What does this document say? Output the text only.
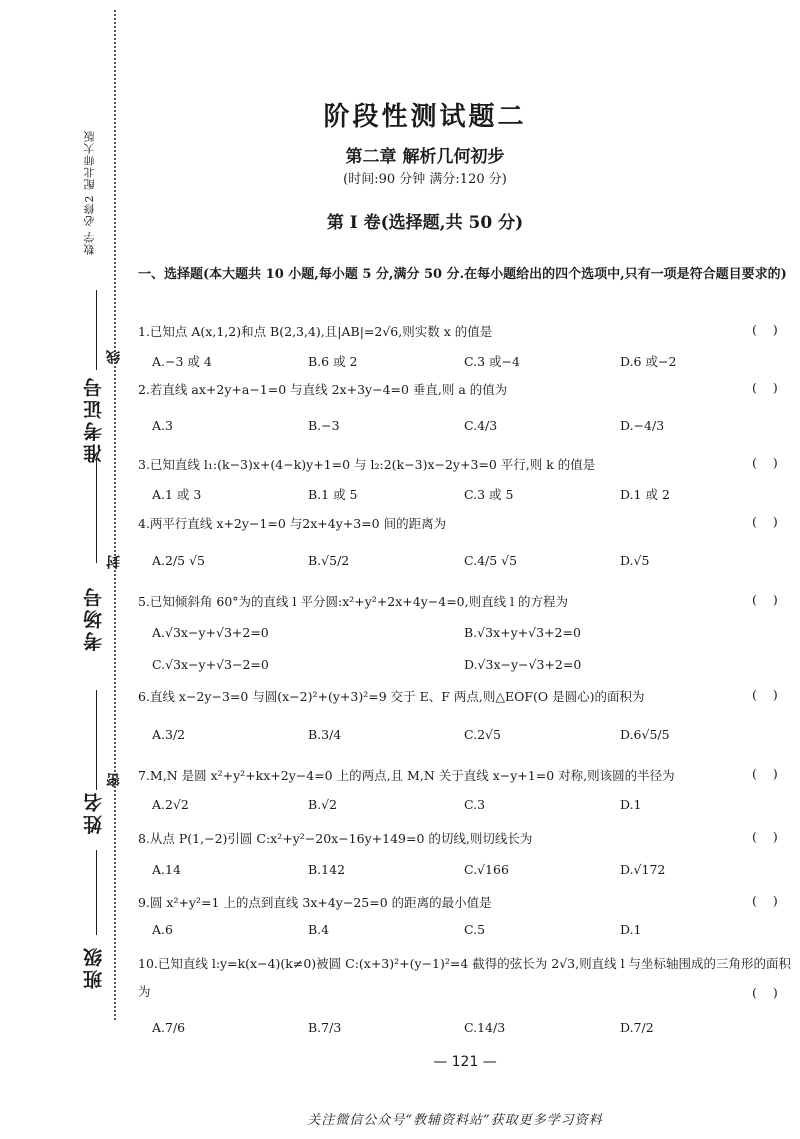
数学 必修2 配北师大版
准考证号
考场号
姓名
班级
线
封
密
阶段性测试题二
第二章 解析几何初步
(时间:90 分钟 满分:120 分)
第 I 卷(选择题,共 50 分)
一、选择题(本大题共 10 小题,每小题 5 分,满分 50 分.在每小题给出的四个选项中,只有一项是符合题目要求的)
1.已知点 A(x,1,2)和点 B(2,3,4),且|AB|=2√6,则实数 x 的值是	( )
A.−3 或 4	B.6 或 2	C.3 或−4	D.6 或−2
2.若直线 ax+2y+a−1=0 与直线 2x+3y−4=0 垂直,则 a 的值为	( )
A.3	B.−3	C.4/3	D.−4/3
3.已知直线 l₁:(k−3)x+(4−k)y+1=0 与 l₂:2(k−3)x−2y+3=0 平行,则 k 的值是	( )
A.1 或 3	B.1 或 5	C.3 或 5	D.1 或 2
4.两平行直线 x+2y−1=0 与2x+4y+3=0 间的距离为	( )
A.2/5 √5	B.√5/2	C.4/5 √5	D.√5
5.已知倾斜角 60°为的直线 l 平分圆:x²+y²+2x+4y−4=0,则直线 l 的方程为	( )
A.√3x−y+√3+2=0	B.√3x+y+√3+2=0
C.√3x−y+√3−2=0	D.√3x−y−√3+2=0
6.直线 x−2y−3=0 与圆(x−2)²+(y+3)²=9 交于 E、F 两点,则△EOF(O 是圆心)的面积为	( )
A.3/2	B.3/4	C.2√5	D.6√5/5
7.M,N 是圆 x²+y²+kx+2y−4=0 上的两点,且 M,N 关于直线 x−y+1=0 对称,则该圆的半径为	( )
A.2√2	B.√2	C.3	D.1
8.从点 P(1,−2)引圆 C:x²+y²−20x−16y+149=0 的切线,则切线长为	( )
A.14	B.142	C.√166	D.√172
9.圆 x²+y²=1 上的点到直线 3x+4y−25=0 的距离的最小值是	( )
A.6	B.4	C.5	D.1
10.已知直线 l:y=k(x−4)(k≠0)被圆 C:(x+3)²+(y−1)²=4 截得的弦长为 2√3,则直线 l 与坐标轴围成的三角形的面积为	( )
A.7/6	B.7/3	C.14/3	D.7/2
— 121 —
关注微信公众号“教辅资料站”获取更多学习资料
